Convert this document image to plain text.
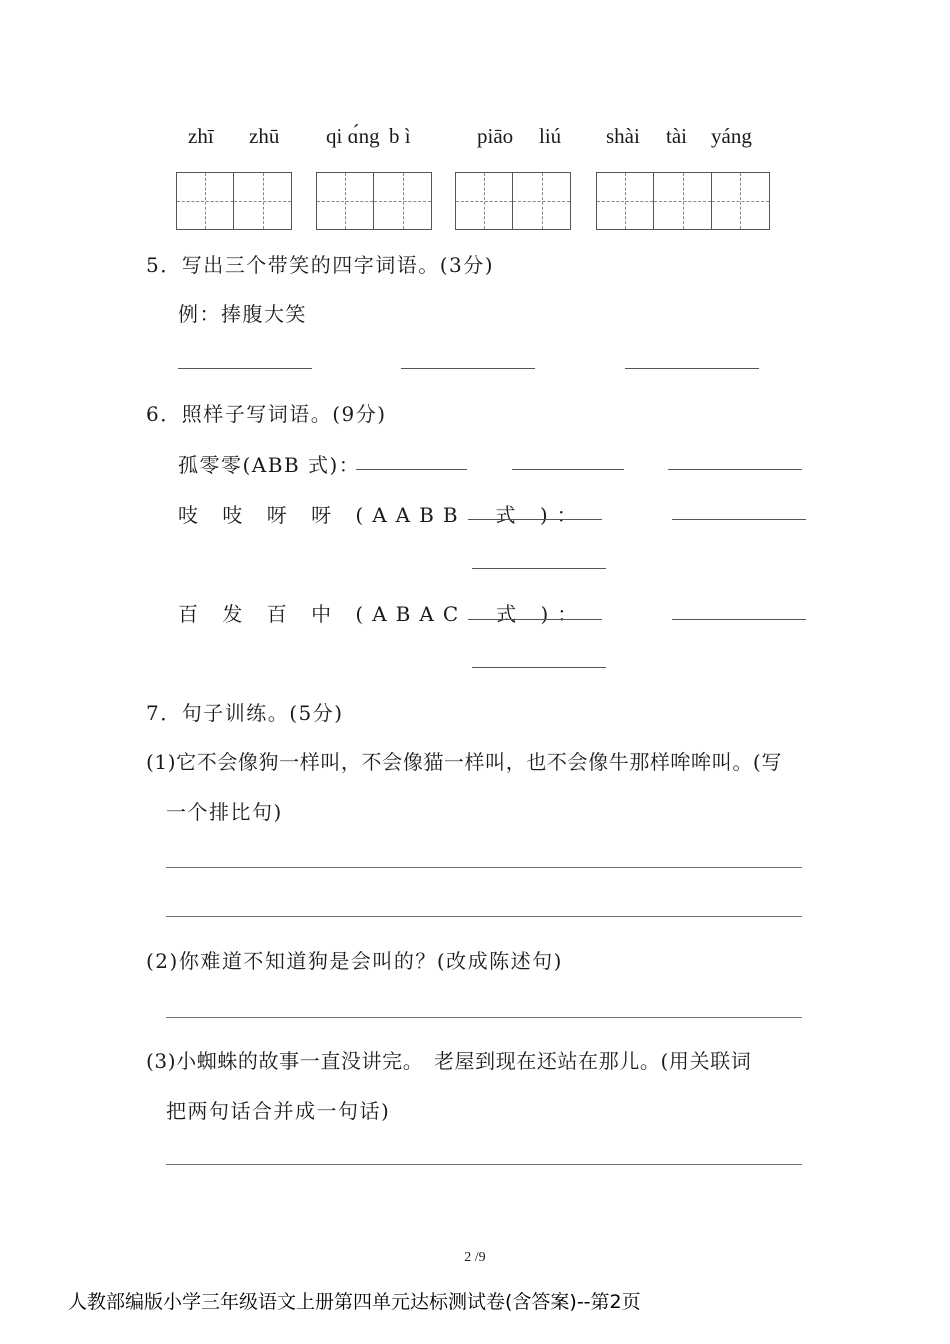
zhī zhū qi ɑ́ng b ì	piāo liú shài tài yáng
5．写出三个带笑的四字词语。(3分)
例：捧腹大笑
6．照样子写词语。(9分)
孤零零(ABB 式)：
吱 吱 呀 呀 (AABB　式 )：
百 发 百 中 (ABAC　式 )：
7．句子训练。(5分)
(1)它不会像狗一样叫，不会像猫一样叫，也不会像牛那样哞哞叫。(写
一个排比句)
(2)你难道不知道狗是会叫的？(改成陈述句)
(3)小蜘蛛的故事一直没讲完。　老屋到现在还站在那儿。(用关联词
把两句话合并成一句话)
2 /9
人教部编版小学三年级语文上册第四单元达标测试卷(含答案)--第2页
